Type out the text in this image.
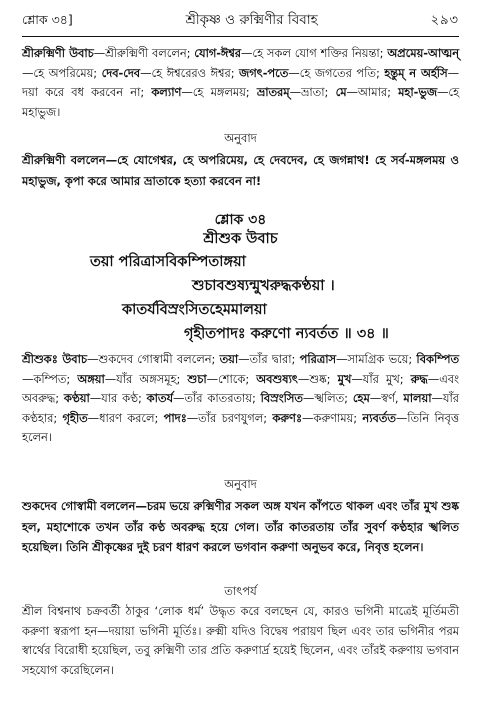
শ্লোক ৩৪]	শ্রীকৃষ্ণ ও রুক্মিণীর বিবাহ	২৯৩

শ্রীরুক্মিণী উবাচ—শ্রীরুক্মিণী বললেন; যোগ-ঈশ্বর—হে সকল যোগ শক্তির নিয়ন্তা; অপ্রমেয়-আত্মন্—হে অপরিমেয়; দেব-দেব—হে ঈশ্বরেরও ঈশ্বর; জগৎ-পতে—হে জগতের পতি; হন্তুম্ ন অর্হসি—দয়া করে বধ করবেন না; কল্যাণ—হে মঙ্গলময়; ভ্রাতরম্—ভ্রাতা; মে—আমার; মহা-ভুজ—হে মহাভুজ।

অনুবাদ

শ্রীরুক্মিণী বললেন—হে যোগেশ্বর, হে অপরিমেয়, হে দেবদেব, হে জগন্নাথ! হে সর্ব-মঙ্গলময় ও মহাভুজ, কৃপা করে আমার ভ্রাতাকে হত্যা করবেন না!

শ্লোক ৩৪
শ্রীশুক উবাচ
তয়া পরিত্রাসবিকম্পিতাঙ্গয়া
শুচাবশুষ্যন্মুখরুদ্ধকণ্ঠয়া ।
কাতর্যবিস্রংসিতহেমমালয়া
গৃহীতপাদঃ করুণো ন্যবর্তত ॥ ৩৪ ॥

শ্রীশুকঃ উবাচ—শুকদেব গোস্বামী বললেন; তয়া—তাঁর দ্বারা; পরিত্রাস—সামগ্রিক ভয়ে; বিকম্পিত—কম্পিত; অঙ্গয়া—যাঁর অঙ্গসমূহ; শুচা—শোকে; অবশুষ্যৎ—শুষ্ক; মুখ—যাঁর মুখ; রুদ্ধ—এবং অবরুদ্ধ; কণ্ঠয়া—যার কণ্ঠ; কাতর্য—তাঁর কাতরতায়; বিস্রংসিত—স্খলিত; হেম—স্বর্ণ, মালয়া—যাঁর কণ্ঠহার; গৃহীত—ধারণ করলে; পাদঃ—তাঁর চরণযুগল; করুণঃ—করুণাময়; ন্যবর্তত—তিনি নিবৃত্ত হলেন।

অনুবাদ

শুকদেব গোস্বামী বললেন—চরম ভয়ে রুক্মিণীর সকল অঙ্গ যখন কাঁপতে থাকল এবং তাঁর মুখ শুষ্ক হল, মহাশোকে তখন তাঁর কণ্ঠ অবরুদ্ধ হয়ে গেল। তাঁর কাতরতায় তাঁর সুবর্ণ কণ্ঠহার স্খলিত হয়েছিল। তিনি শ্রীকৃষ্ণের দুই চরণ ধারণ করলে ভগবান করুণা অনুভব করে, নিবৃত্ত হলেন।

তাৎপর্য

শ্রীল বিশ্বনাথ চক্রবর্তী ঠাকুর ‘লোক ধর্ম’ উদ্ধৃত করে বলছেন যে, কারও ভগিনী মাত্রেই মূর্তিমতী করুণা স্বরূপা হন—দয়ায়া ভগিনী মূর্তিঃ। রুক্মী যদিও বিদ্বেষ পরায়ণ ছিল এবং তার ভগিনীর পরম স্বার্থের বিরোধী হয়েছিল, তবু রুক্মিণী তার প্রতি করুণার্দ্র হয়েই ছিলেন, এবং তাঁরই করুণায় ভগবান সহযোগ করেছিলেন।
